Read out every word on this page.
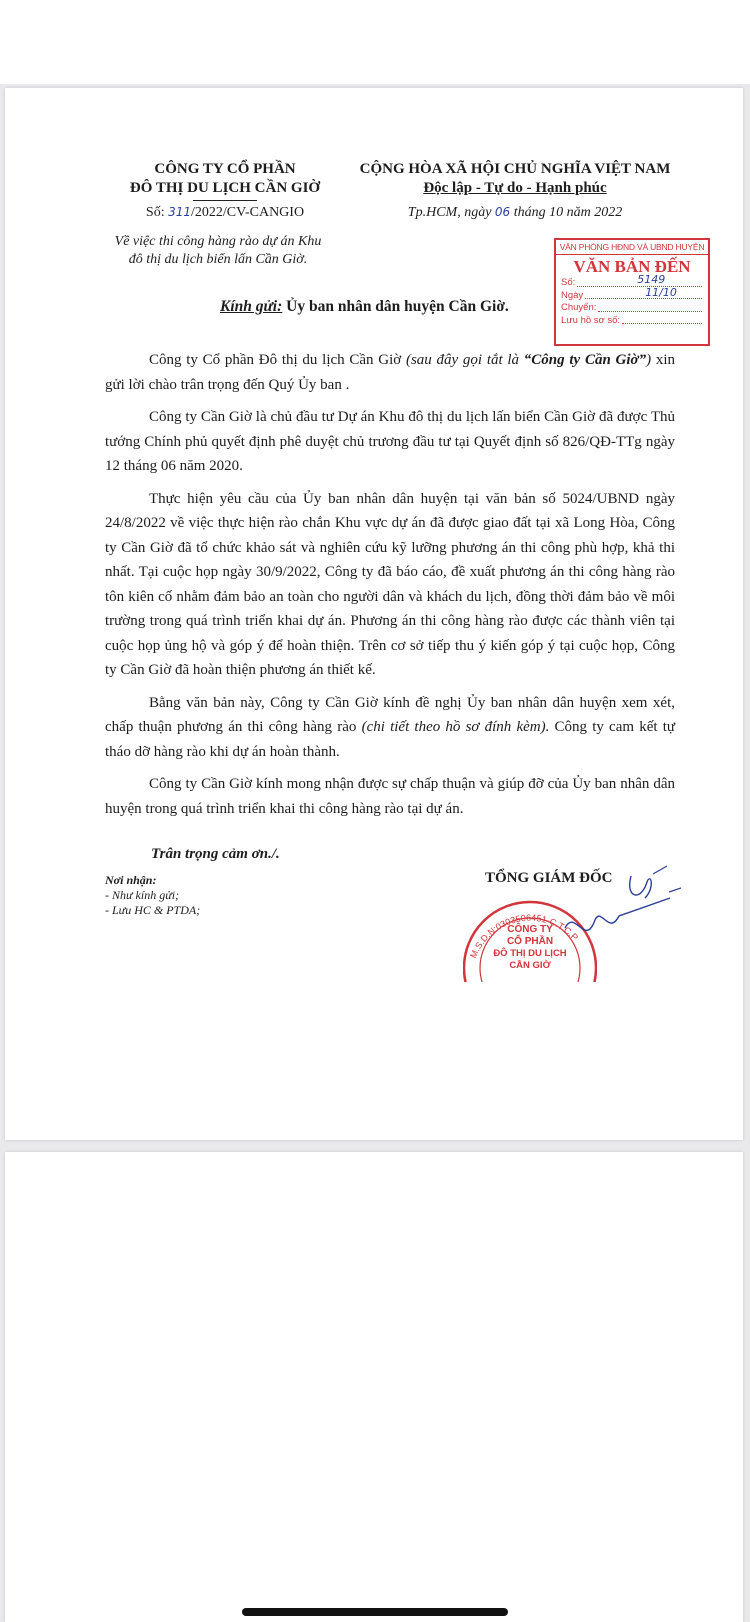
CÔNG TY CỔ PHẦN
ĐÔ THỊ DU LỊCH CẦN GIỜ
CỘNG HÒA XÃ HỘI CHỦ NGHĨA VIỆT NAM
Độc lập - Tự do - Hạnh phúc
Số: 311/2022/CV-CANGIO	Tp.HCM, ngày 06 tháng 10 năm 2022
Về việc thi công hàng rào dự án Khu đô thị du lịch biển lấn Cần Giờ.
VĂN PHÒNG HĐND VÀ UBND HUYỆN
VĂN BẢN ĐẾN
Số:	5149
Ngày	11/10
Chuyển:
Lưu hồ sơ số:
Kính gửi: Ủy ban nhân dân huyện Cần Giờ.

Công ty Cổ phần Đô thị du lịch Cần Giờ (sau đây gọi tắt là “Công ty Cần Giờ”) xin gửi lời chào trân trọng đến Quý Ủy ban .

Công ty Cần Giờ là chủ đầu tư Dự án Khu đô thị du lịch lấn biển Cần Giờ đã được Thủ tướng Chính phủ quyết định phê duyệt chủ trương đầu tư tại Quyết định số 826/QĐ-TTg ngày 12 tháng 06 năm 2020.

Thực hiện yêu cầu của Ủy ban nhân dân huyện tại văn bản số 5024/UBND ngày 24/8/2022 về việc thực hiện rào chắn Khu vực dự án đã được giao đất tại xã Long Hòa, Công ty Cần Giờ đã tổ chức khảo sát và nghiên cứu kỹ lưỡng phương án thi công phù hợp, khả thi nhất. Tại cuộc họp ngày 30/9/2022, Công ty đã báo cáo, đề xuất phương án thi công hàng rào tôn kiên cố nhằm đảm bảo an toàn cho người dân và khách du lịch, đồng thời đảm bảo về môi trường trong quá trình triển khai dự án. Phương án thi công hàng rào được các thành viên tại cuộc họp ủng hộ và góp ý để hoàn thiện. Trên cơ sở tiếp thu ý kiến góp ý tại cuộc họp, Công ty Cần Giờ đã hoàn thiện phương án thiết kế.

Bằng văn bản này, Công ty Cần Giờ kính đề nghị Ủy ban nhân dân huyện xem xét, chấp thuận phương án thi công hàng rào (chi tiết theo hồ sơ đính kèm). Công ty cam kết tự tháo dỡ hàng rào khi dự án hoàn thành.

Công ty Cần Giờ kính mong nhận được sự chấp thuận và giúp đỡ của Ủy ban nhân dân huyện trong quá trình triển khai thi công hàng rào tại dự án.

Trân trọng cảm ơn./.
Nơi nhận:
- Như kính gửi;
- Lưu HC & PTDA;
M.S.D.N:0303506451-C.T.C.P
CÔNG TY
CỔ PHẦN
ĐÔ THỊ DU LỊCH
CẦN GIỜ
TỔNG GIÁM ĐỐC
